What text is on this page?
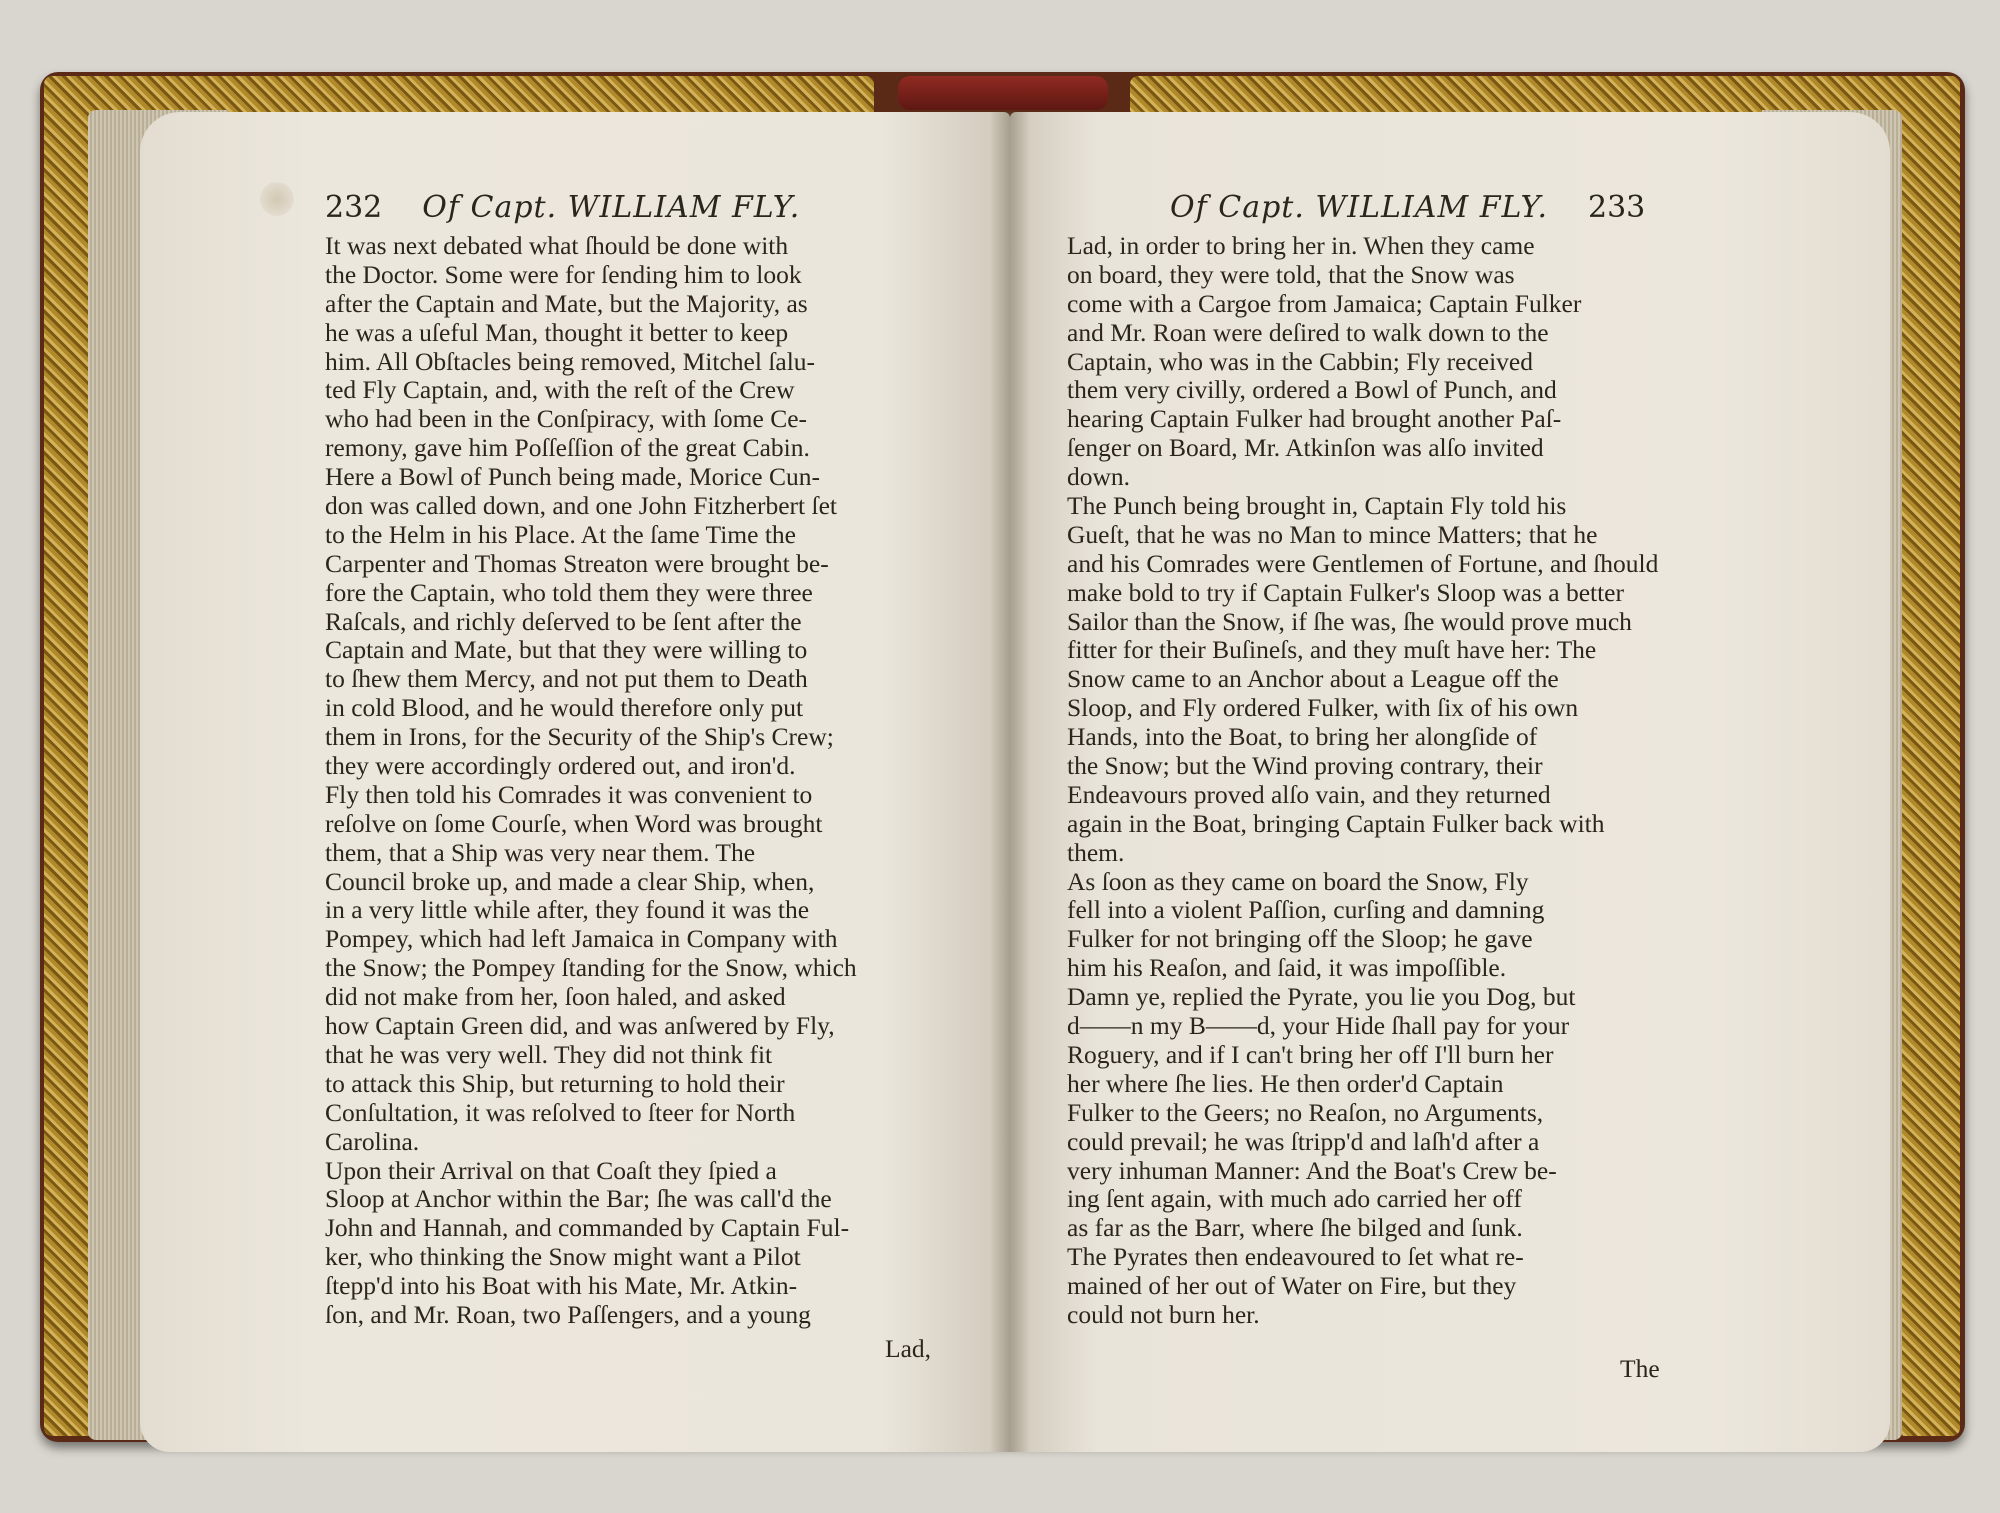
232 Of Capt. WILLIAM FLY.
It was next debated what ſhould be done with
the Doctor. Some were for ſending him to look
after the Captain and Mate, but the Majority, as
he was a uſeful Man, thought it better to keep
him. All Obſtacles being removed, Mitchel ſalu-
ted Fly Captain, and, with the reſt of the Crew
who had been in the Conſpiracy, with ſome Ce-
remony, gave him Poſſeſſion of the great Cabin.
Here a Bowl of Punch being made, Morice Cun-
don was called down, and one John Fitzherbert ſet
to the Helm in his Place. At the ſame Time the
Carpenter and Thomas Streaton were brought be-
fore the Captain, who told them they were three
Raſcals, and richly deſerved to be ſent after the
Captain and Mate, but that they were willing to
to ſhew them Mercy, and not put them to Death
in cold Blood, and he would therefore only put
them in Irons, for the Security of the Ship's Crew;
they were accordingly ordered out, and iron'd.
Fly then told his Comrades it was convenient to
reſolve on ſome Courſe, when Word was brought
them, that a Ship was very near them. The
Council broke up, and made a clear Ship, when,
in a very little while after, they found it was the
Pompey, which had left Jamaica in Company with
the Snow; the Pompey ſtanding for the Snow, which
did not make from her, ſoon haled, and asked
how Captain Green did, and was anſwered by Fly,
that he was very well. They did not think fit
to attack this Ship, but returning to hold their
Conſultation, it was reſolved to ſteer for North
Carolina.
Upon their Arrival on that Coaſt they ſpied a
Sloop at Anchor within the Bar; ſhe was call'd the
John and Hannah, and commanded by Captain Ful-
ker, who thinking the Snow might want a Pilot
ſtepp'd into his Boat with his Mate, Mr. Atkin-
ſon, and Mr. Roan, two Paſſengers, and a young
Lad,
Of Capt. WILLIAM FLY. 233
Lad, in order to bring her in. When they came
on board, they were told, that the Snow was
come with a Cargoe from Jamaica; Captain Fulker
and Mr. Roan were deſired to walk down to the
Captain, who was in the Cabbin; Fly received
them very civilly, ordered a Bowl of Punch, and
hearing Captain Fulker had brought another Paſ-
ſenger on Board, Mr. Atkinſon was alſo invited
down.
The Punch being brought in, Captain Fly told his
Gueſt, that he was no Man to mince Matters; that he
and his Comrades were Gentlemen of Fortune, and ſhould
make bold to try if Captain Fulker's Sloop was a better
Sailor than the Snow, if ſhe was, ſhe would prove much
fitter for their Buſineſs, and they muſt have her: The
Snow came to an Anchor about a League off the
Sloop, and Fly ordered Fulker, with ſix of his own
Hands, into the Boat, to bring her alongſide of
the Snow; but the Wind proving contrary, their
Endeavours proved alſo vain, and they returned
again in the Boat, bringing Captain Fulker back with
them.
As ſoon as they came on board the Snow, Fly
fell into a violent Paſſion, curſing and damning
Fulker for not bringing off the Sloop; he gave
him his Reaſon, and ſaid, it was impoſſible.
Damn ye, replied the Pyrate, you lie you Dog, but
d——n my B——d, your Hide ſhall pay for your
Roguery, and if I can't bring her off I'll burn her
her where ſhe lies. He then order'd Captain
Fulker to the Geers; no Reaſon, no Arguments,
could prevail; he was ſtripp'd and laſh'd after a
very inhuman Manner: And the Boat's Crew be-
ing ſent again, with much ado carried her off
as far as the Barr, where ſhe bilged and ſunk.
The Pyrates then endeavoured to ſet what re-
mained of her out of Water on Fire, but they
could not burn her.
The
